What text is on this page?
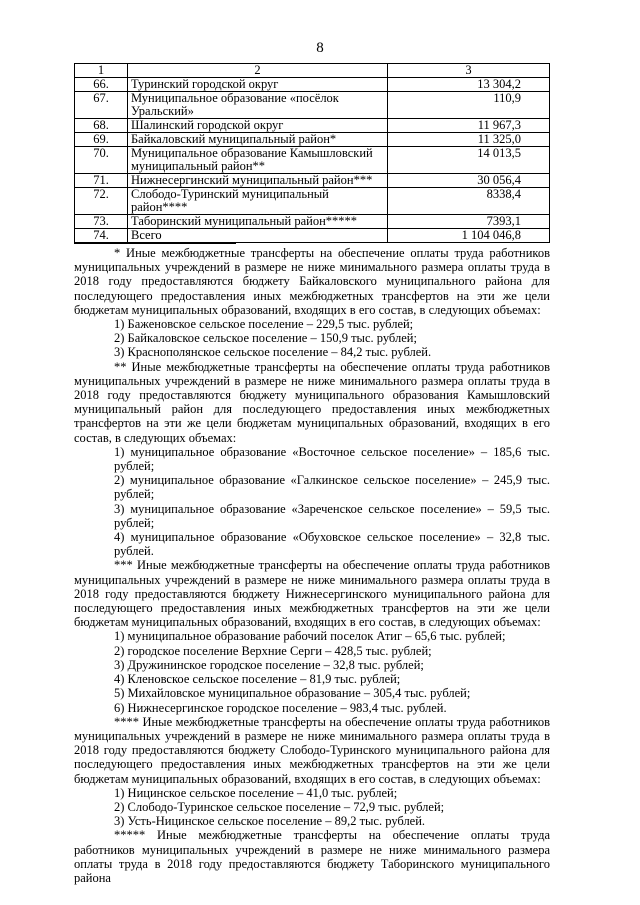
8
1	2	3
66.	Туринский городской округ	13 304,2
67.	Муниципальное образование «посёлок Уральский»	110,9
68.	Шалинский городской округ	11 967,3
69.	Байкаловский муниципальный район*	11 325,0
70.	Муниципальное образование Камышловский муниципальный район**	14 013,5
71.	Нижнесергинский муниципальный район***	30 056,4
72.	Слободо-Туринский муниципальный район****	8338,4
73.	Таборинский муниципальный район*****	7393,1
74.	Всего	1 104 046,8

* Иные межбюджетные трансферты на обеспечение оплаты труда работников муниципальных учреждений в размере не ниже минимального размера оплаты труда в 2018 году предоставляются бюджету Байкаловского муниципального района для последующего предоставления иных межбюджетных трансфертов на эти же цели бюджетам муниципальных образований, входящих в его состав, в следующих объемах:

1) Баженовское сельское поселение – 229,5 тыс. рублей;

2) Байкаловское сельское поселение – 150,9 тыс. рублей;

3) Краснополянское сельское поселение – 84,2 тыс. рублей.

** Иные межбюджетные трансферты на обеспечение оплаты труда работников муниципальных учреждений в размере не ниже минимального размера оплаты труда в 2018 году предоставляются бюджету муниципального образования Камышловский муниципальный район для последующего предоставления иных межбюджетных трансфертов на эти же цели бюджетам муниципальных образований, входящих в его состав, в следующих объемах:

1) муниципальное образование «Восточное сельское поселение» – 185,6 тыс. рублей;

2) муниципальное образование «Галкинское сельское поселение» – 245,9 тыс. рублей;

3) муниципальное образование «Зареченское сельское поселение» – 59,5 тыс. рублей;

4) муниципальное образование «Обуховское сельское поселение» – 32,8 тыс. рублей.

*** Иные межбюджетные трансферты на обеспечение оплаты труда работников муниципальных учреждений в размере не ниже минимального размера оплаты труда в 2018 году предоставляются бюджету Нижнесергинского муниципального района для последующего предоставления иных межбюджетных трансфертов на эти же цели бюджетам муниципальных образований, входящих в его состав, в следующих объемах:

1) муниципальное образование рабочий поселок Атиг – 65,6 тыс. рублей;

2) городское поселение Верхние Серги – 428,5 тыс. рублей;

3) Дружининское городское поселение – 32,8 тыс. рублей;

4) Кленовское сельское поселение – 81,9 тыс. рублей;

5) Михайловское муниципальное образование – 305,4 тыс. рублей;

6) Нижнесергинское городское поселение – 983,4 тыс. рублей.

**** Иные межбюджетные трансферты на обеспечение оплаты труда работников муниципальных учреждений в размере не ниже минимального размера оплаты труда в 2018 году предоставляются бюджету Слободо-Туринского муниципального района для последующего предоставления иных межбюджетных трансфертов на эти же цели бюджетам муниципальных образований, входящих в его состав, в следующих объемах:

1) Ницинское сельское поселение – 41,0 тыс. рублей;

2) Слободо-Туринское сельское поселение – 72,9 тыс. рублей;

3) Усть-Ницинское сельское поселение – 89,2 тыс. рублей.

***** Иные межбюджетные трансферты на обеспечение оплаты труда работников муниципальных учреждений в размере не ниже минимального размера оплаты труда в 2018 году предоставляются бюджету Таборинского муниципального района
